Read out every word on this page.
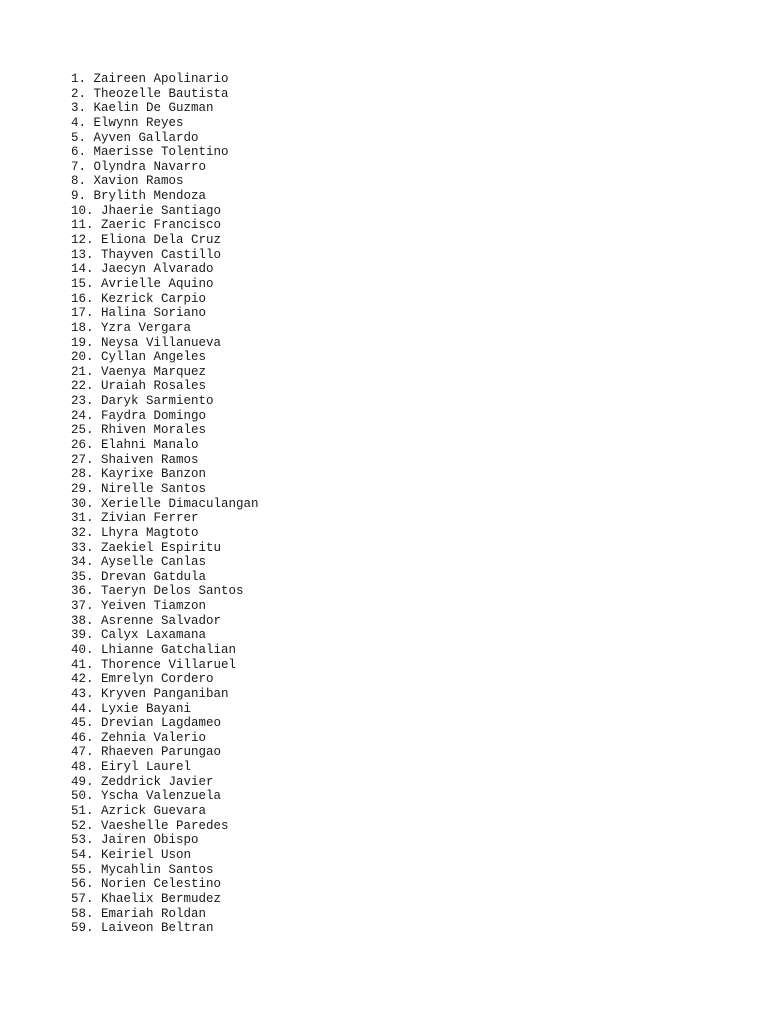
1. Zaireen Apolinario
2. Theozelle Bautista
3. Kaelin De Guzman
4. Elwynn Reyes
5. Ayven Gallardo
6. Maerisse Tolentino
7. Olyndra Navarro
8. Xavion Ramos
9. Brylith Mendoza
10. Jhaerie Santiago
11. Zaeric Francisco
12. Eliona Dela Cruz
13. Thayven Castillo
14. Jaecyn Alvarado
15. Avrielle Aquino
16. Kezrick Carpio
17. Halina Soriano
18. Yzra Vergara
19. Neysa Villanueva
20. Cyllan Angeles
21. Vaenya Marquez
22. Uraiah Rosales
23. Daryk Sarmiento
24. Faydra Domingo
25. Rhiven Morales
26. Elahni Manalo
27. Shaiven Ramos
28. Kayrixe Banzon
29. Nirelle Santos
30. Xerielle Dimaculangan
31. Zivian Ferrer
32. Lhyra Magtoto
33. Zaekiel Espiritu
34. Ayselle Canlas
35. Drevan Gatdula
36. Taeryn Delos Santos
37. Yeiven Tiamzon
38. Asrenne Salvador
39. Calyx Laxamana
40. Lhianne Gatchalian
41. Thorence Villaruel
42. Emrelyn Cordero
43. Kryven Panganiban
44. Lyxie Bayani
45. Drevian Lagdameo
46. Zehnia Valerio
47. Rhaeven Parungao
48. Eiryl Laurel
49. Zeddrick Javier
50. Yscha Valenzuela
51. Azrick Guevara
52. Vaeshelle Paredes
53. Jairen Obispo
54. Keiriel Uson
55. Mycahlin Santos
56. Norien Celestino
57. Khaelix Bermudez
58. Emariah Roldan
59. Laiveon Beltran
